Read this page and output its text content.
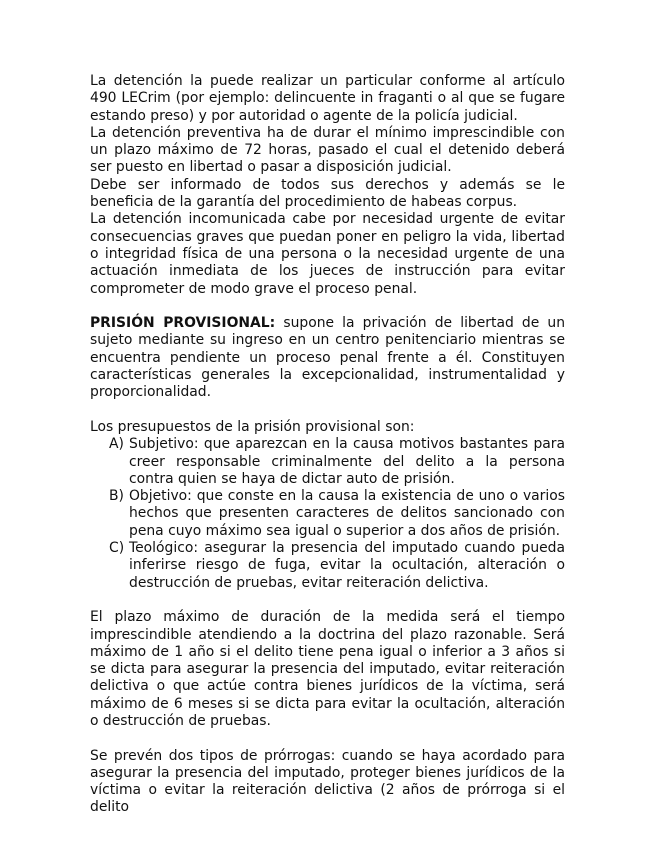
La detención la puede realizar un particular conforme al artículo 490 LECrim (por ejemplo: delincuente in fraganti o al que se fugare estando preso) y por autoridad o agente de la policía judicial.

La detención preventiva ha de durar el mínimo imprescindible con un plazo máximo de 72 horas, pasado el cual el detenido deberá ser puesto en libertad o pasar a disposición judicial.

Debe ser informado de todos sus derechos y además se le beneficia de la garantía del procedimiento de habeas corpus.

La detención incomunicada cabe por necesidad urgente de evitar consecuencias graves que puedan poner en peligro la vida, libertad o integridad física de una persona o la necesidad urgente de una actuación inmediata de los jueces de instrucción para evitar comprometer de modo grave el proceso penal.

PRISIÓN PROVISIONAL: supone la privación de libertad de un sujeto mediante su ingreso en un centro penitenciario mientras se encuentra pendiente un proceso penal frente a él. Constituyen características generales la excepcionalidad, instrumentalidad y proporcionalidad.

Los presupuestos de la prisión provisional son:

A) Subjetivo: que aparezcan en la causa motivos bastantes para creer responsable criminalmente del delito a la persona contra quien se haya de dictar auto de prisión.
B) Objetivo: que conste en la causa la existencia de uno o varios hechos que presenten caracteres de delitos sancionado con pena cuyo máximo sea igual o superior a dos años de prisión.
C) Teológico: asegurar la presencia del imputado cuando pueda inferirse riesgo de fuga, evitar la ocultación, alteración o destrucción de pruebas, evitar reiteración delictiva.

El plazo máximo de duración de la medida será el tiempo imprescindible atendiendo a la doctrina del plazo razonable. Será máximo de 1 año si el delito tiene pena igual o inferior a 3 años si se dicta para asegurar la presencia del imputado, evitar reiteración delictiva o que actúe contra bienes jurídicos de la víctima, será máximo de 6 meses si se dicta para evitar la ocultación, alteración o destrucción de pruebas.

Se prevén dos tipos de prórrogas: cuando se haya acordado para asegurar la presencia del imputado, proteger bienes jurídicos de la víctima o evitar la reiteración delictiva (2 años de prórroga si el delito
